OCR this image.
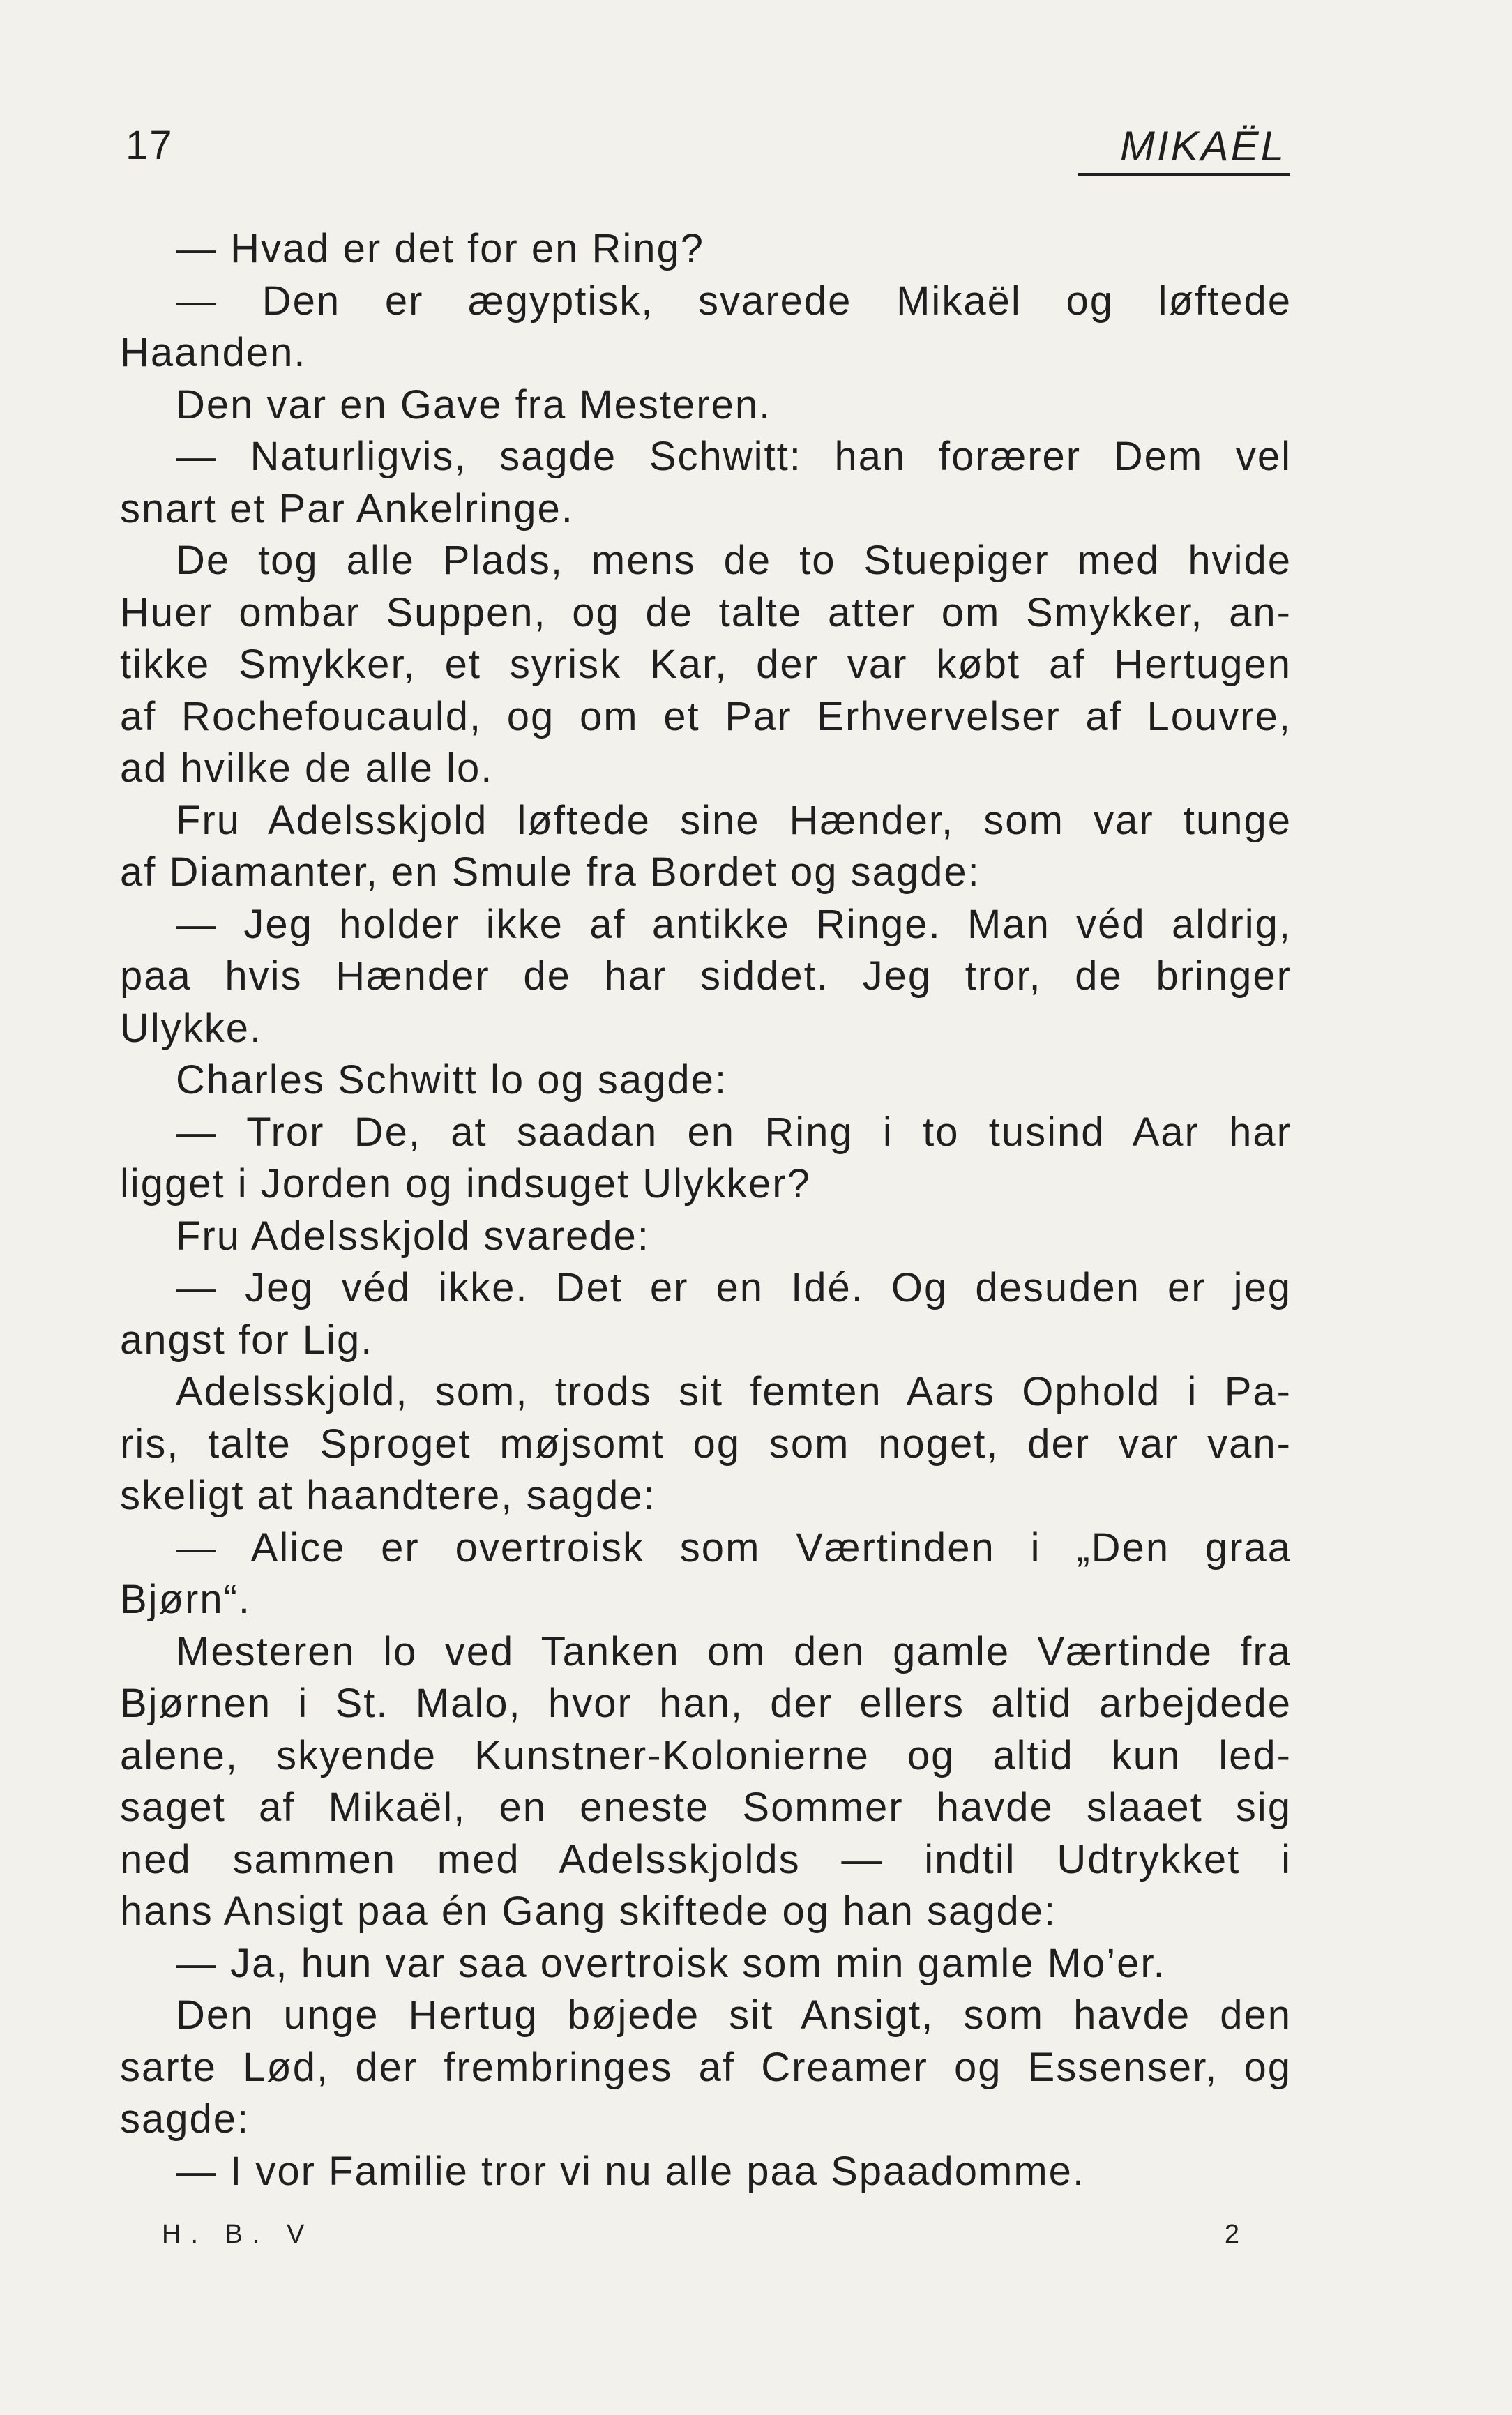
17	MIKAËL
— Hvad er det for en Ring?
— Den er ægyptisk, svarede Mikaël og løftede
Haanden.
Den var en Gave fra Mesteren.
— Naturligvis, sagde Schwitt: han forærer Dem vel
snart et Par Ankelringe.
De tog alle Plads, mens de to Stuepiger med hvide
Huer ombar Suppen, og de talte atter om Smykker, an-
tikke Smykker, et syrisk Kar, der var købt af Hertugen
af Rochefoucauld, og om et Par Erhvervelser af Louvre,
ad hvilke de alle lo.
Fru Adelsskjold løftede sine Hænder, som var tunge
af Diamanter, en Smule fra Bordet og sagde:
— Jeg holder ikke af antikke Ringe. Man véd aldrig,
paa hvis Hænder de har siddet. Jeg tror, de bringer
Ulykke.
Charles Schwitt lo og sagde:
— Tror De, at saadan en Ring i to tusind Aar har
ligget i Jorden og indsuget Ulykker?
Fru Adelsskjold svarede:
— Jeg véd ikke. Det er en Idé. Og desuden er jeg
angst for Lig.
Adelsskjold, som, trods sit femten Aars Ophold i Pa-
ris, talte Sproget møjsomt og som noget, der var van-
skeligt at haandtere, sagde:
— Alice er overtroisk som Værtinden i „Den graa
Bjørn“.
Mesteren lo ved Tanken om den gamle Værtinde fra
Bjørnen i St. Malo, hvor han, der ellers altid arbejdede
alene, skyende Kunstner-Kolonierne og altid kun led-
saget af Mikaël, en eneste Sommer havde slaaet sig
ned sammen med Adelsskjolds — indtil Udtrykket i
hans Ansigt paa én Gang skiftede og han sagde:
— Ja, hun var saa overtroisk som min gamle Mo’er.
Den unge Hertug bøjede sit Ansigt, som havde den
sarte Lød, der frembringes af Creamer og Essenser, og
sagde:
— I vor Familie tror vi nu alle paa Spaadomme.
H. B. V	2
